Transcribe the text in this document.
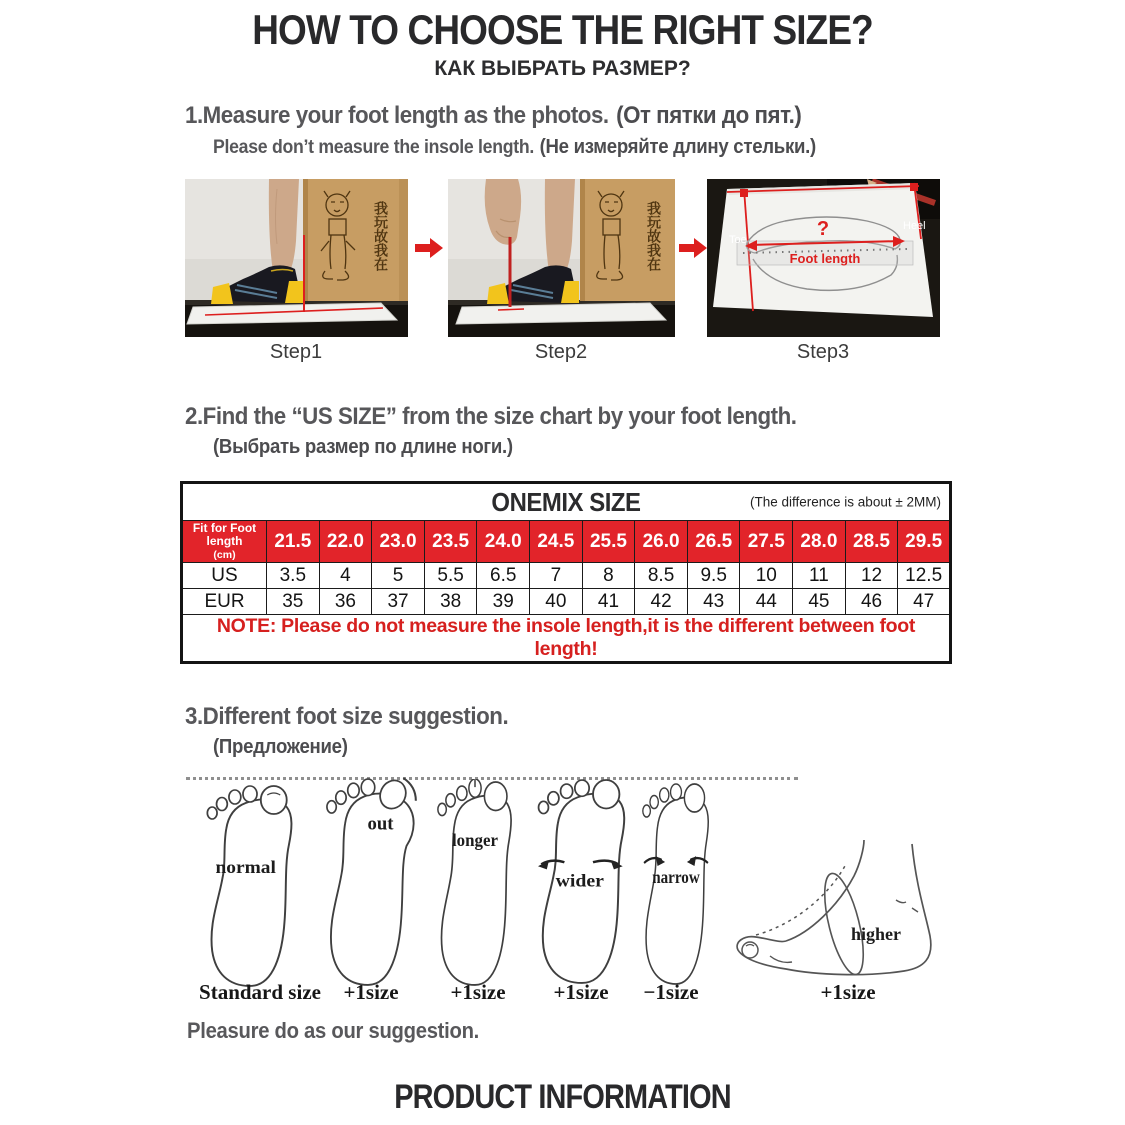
HOW TO CHOOSE THE RIGHT SIZE?
КАК ВЫБРАТЬ РАЗМЕР?
1.Measure your foot length as the photos. (От пятки до пят.)
Please don’t measure the insole length. (Не измеряйте длину стельки.)
我玩故我在	我玩故我在	?
Foot length
Toe
Heel
Step1	Step2	Step3
2.Find the “US SIZE” from the size chart by your foot length.
(Выбрать размер по длине ноги.)
ONEMIX SIZE (The difference is about ± 2MM)													

Fit for Foot length
(cm)	21.5	22.0	23.0	23.5	24.0	24.5	25.5	26.0	26.5	27.5	28.0	28.5	29.5
US	3.5	4	5	5.5	6.5	7	8	8.5	9.5	10	11	12	12.5
EUR	35	36	37	38	39	40	41	42	43	44	45	46	47
NOTE: Please do not measure the insole length,it is the different between foot length!													
3.Different foot size suggestion.
(Предложение)
normal
out
longer
wider	narrow
higher
Standard size	+1size	+1size	+1size	−1size	+1size
Pleasure do as our suggestion.
PRODUCT INFORMATION
